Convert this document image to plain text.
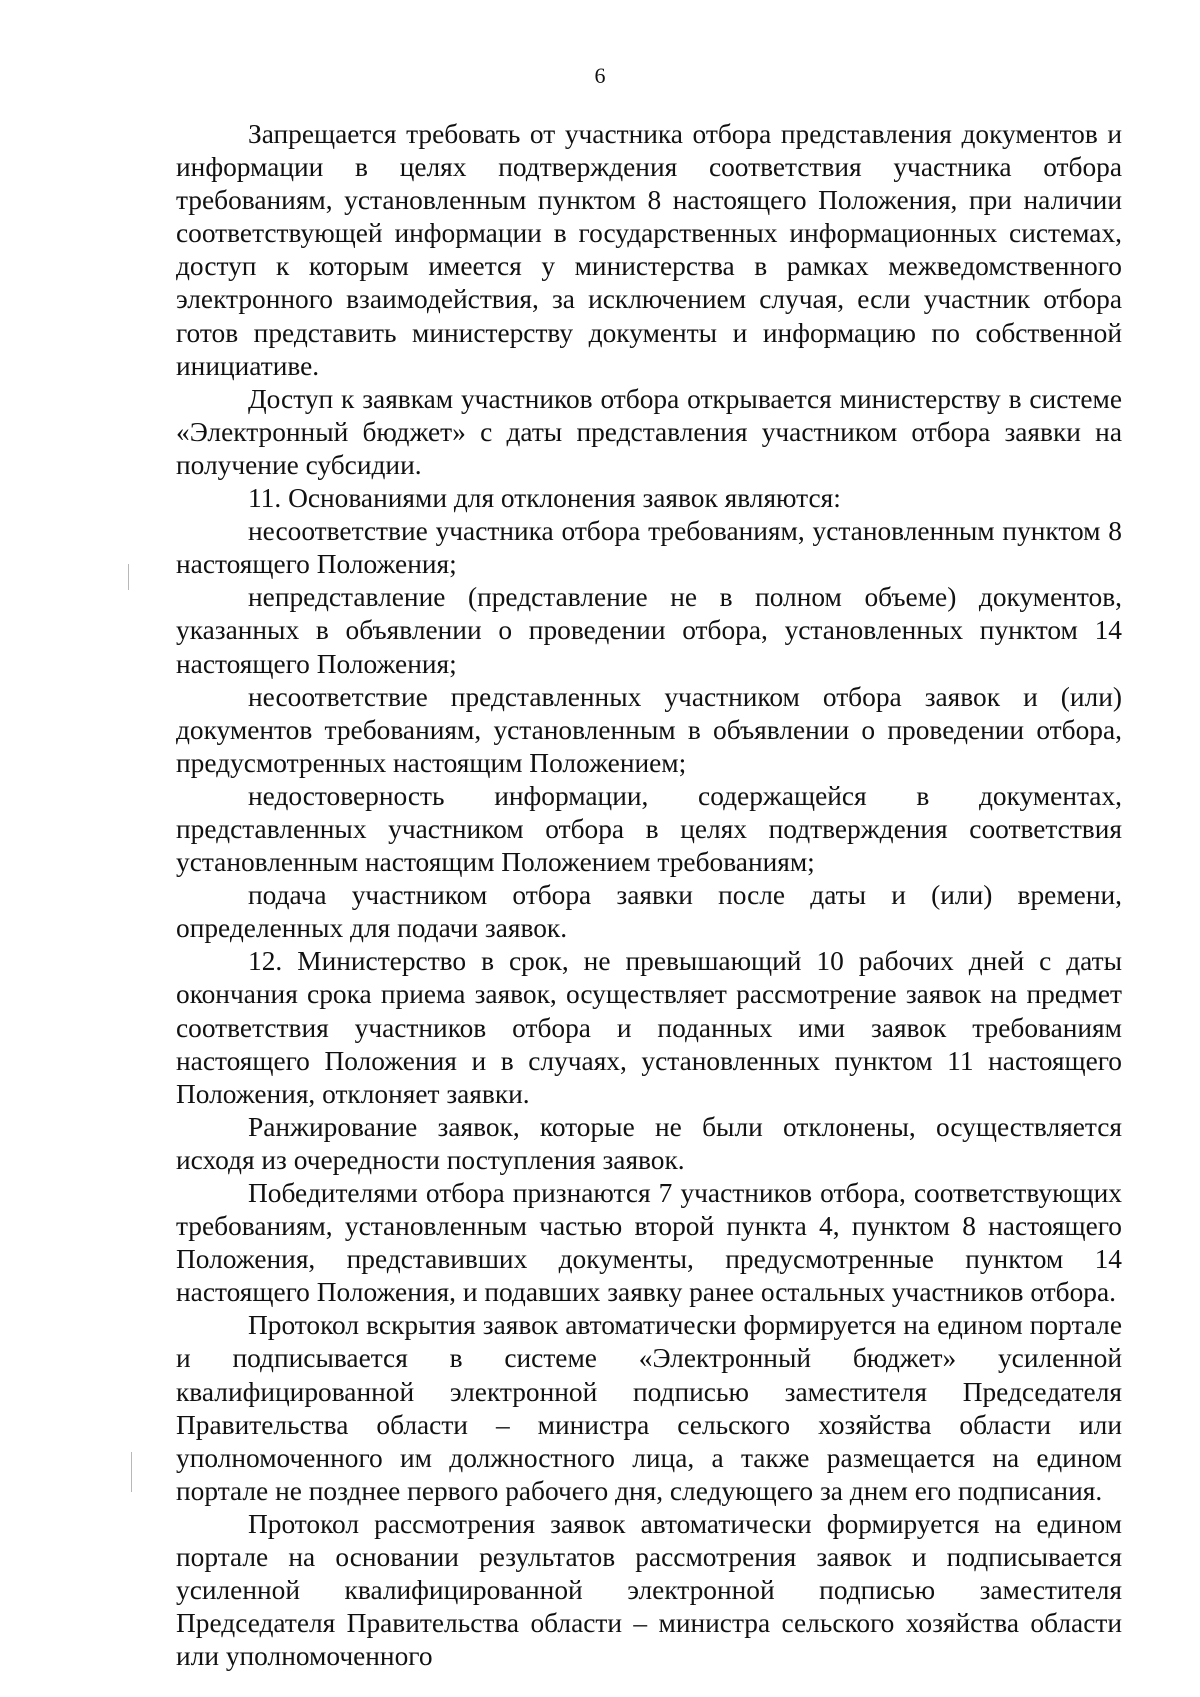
6

Запрещается требовать от участника отбора представления документов и информации в целях подтверждения соответствия участника отбора требованиям, установленным пунктом 8 настоящего Положения, при наличии соответствующей информации в государственных информационных системах, доступ к которым имеется у министерства в рамках межведомственного электронного взаимодействия, за исключением случая, если участник отбора готов представить министерству документы и информацию по собственной инициативе.

Доступ к заявкам участников отбора открывается министерству в системе «Электронный бюджет» с даты представления участником отбора заявки на получение субсидии.

11. Основаниями для отклонения заявок являются:

несоответствие участника отбора требованиям, установленным пунктом 8 настоящего Положения;

непредставление (представление не в полном объеме) документов, указанных в объявлении о проведении отбора, установленных пунктом 14 настоящего Положения;

несоответствие представленных участником отбора заявок и (или) документов требованиям, установленным в объявлении о проведении отбора, предусмотренных настоящим Положением;

недостоверность информации, содержащейся в документах, представленных участником отбора в целях подтверждения соответствия установленным настоящим Положением требованиям;

подача участником отбора заявки после даты и (или) времени, определенных для подачи заявок.

12. Министерство в срок, не превышающий 10 рабочих дней с даты окончания срока приема заявок, осуществляет рассмотрение заявок на предмет соответствия участников отбора и поданных ими заявок требованиям настоящего Положения и в случаях, установленных пунктом 11 настоящего Положения, отклоняет заявки.

Ранжирование заявок, которые не были отклонены, осуществляется исходя из очередности поступления заявок.

Победителями отбора признаются 7 участников отбора, соответствующих требованиям, установленным частью второй пункта 4, пунктом 8 настоящего Положения, представивших документы, предусмотренные пунктом 14 настоящего Положения, и подавших заявку ранее остальных участников отбора.

Протокол вскрытия заявок автоматически формируется на едином портале и подписывается в системе «Электронный бюджет» усиленной квалифицированной электронной подписью заместителя Председателя Правительства области – министра сельского хозяйства области или уполномоченного им должностного лица, а также размещается на едином портале не позднее первого рабочего дня, следующего за днем его подписания.

Протокол рассмотрения заявок автоматически формируется на едином портале на основании результатов рассмотрения заявок и подписывается усиленной квалифицированной электронной подписью заместителя Председателя Правительства области – министра сельского хозяйства области или уполномоченного
